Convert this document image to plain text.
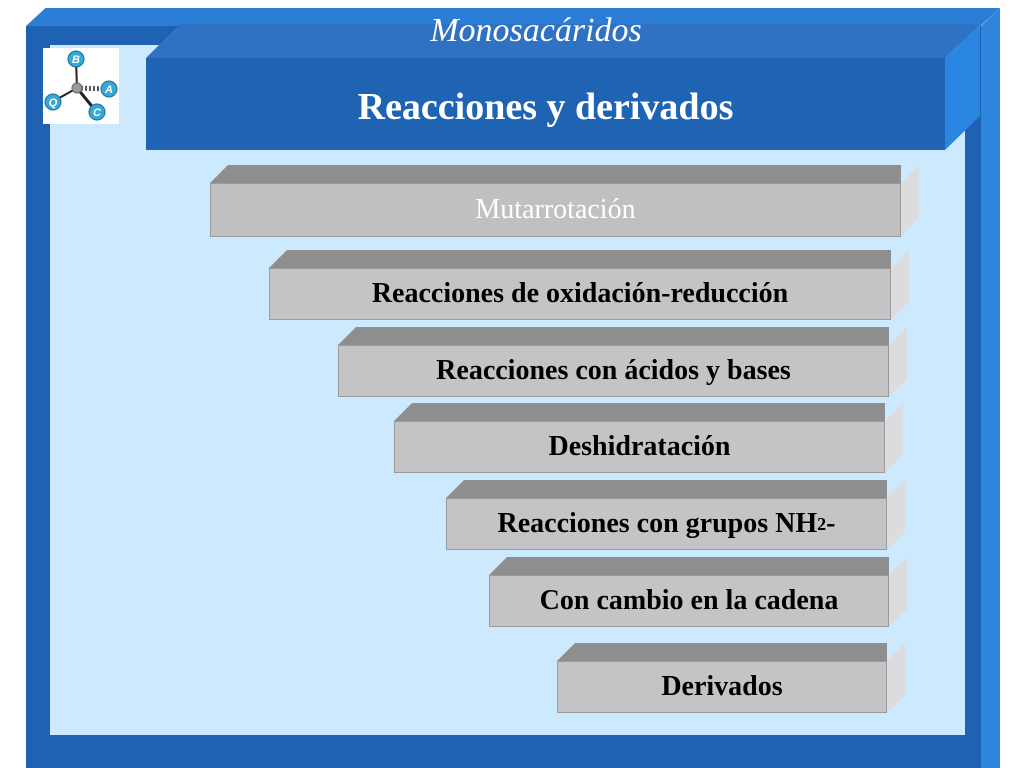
Monosacáridos
Reacciones y derivados
B
Q
A
C
Mutarrotación
Reacciones de oxidación-reducción
Reacciones con ácidos y bases
Deshidratación
Reacciones con grupos NH 2 -
Con cambio en la cadena
Derivados
